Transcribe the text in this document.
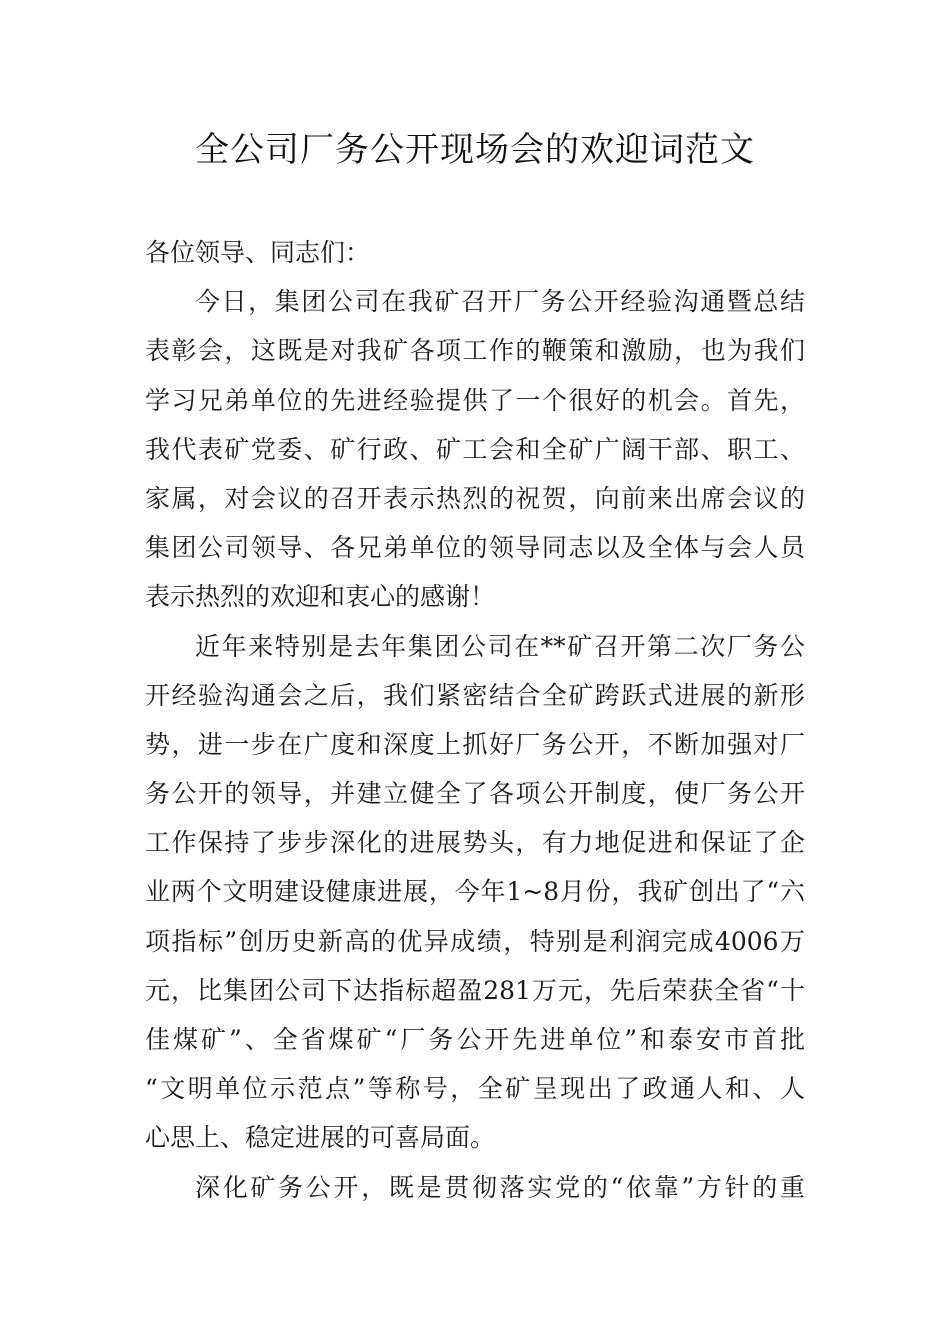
全公司厂务公开现场会的欢迎词范文
各位领导、同志们：
今日，集团公司在我矿召开厂务公开经验沟通暨总结
表彰会，这既是对我矿各项工作的鞭策和激励，也为我们
学习兄弟单位的先进经验提供了一个很好的机会。首先，
我代表矿党委、矿行政、矿工会和全矿广阔干部、职工、
家属，对会议的召开表示热烈的祝贺，向前来出席会议的
集团公司领导、各兄弟单位的领导同志以及全体与会人员
表示热烈的欢迎和衷心的感谢！
近年来特别是去年集团公司在**矿召开第二次厂务公
开经验沟通会之后，我们紧密结合全矿跨跃式进展的新形
势，进一步在广度和深度上抓好厂务公开，不断加强对厂
务公开的领导，并建立健全了各项公开制度，使厂务公开
工作保持了步步深化的进展势头，有力地促进和保证了企
业两个文明建设健康进展，今年1~8月份，我矿创出了“六
项指标”创历史新高的优异成绩，特别是利润完成4006万
元，比集团公司下达指标超盈281万元，先后荣获全省“十
佳煤矿”、全省煤矿“厂务公开先进单位”和泰安市首批
“文明单位示范点”等称号，全矿呈现出了政通人和、人
心思上、稳定进展的可喜局面。
深化矿务公开，既是贯彻落实党的“依靠”方针的重
